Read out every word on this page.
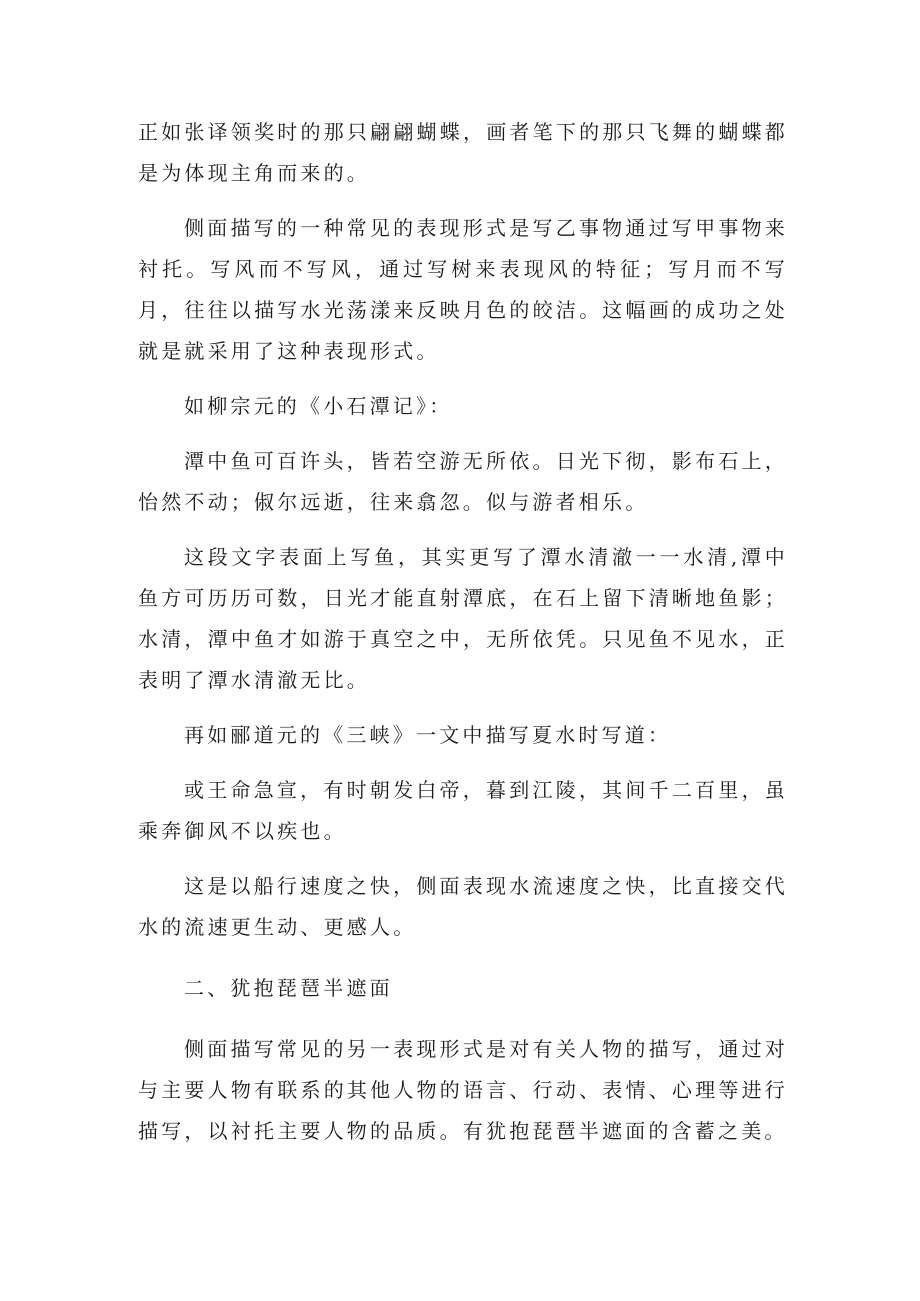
正如张译领奖时的那只翩翩蝴蝶，画者笔下的那只飞舞的蝴蝶都是为体现主角而来的。

侧面描写的一种常见的表现形式是写乙事物通过写甲事物来衬托。写风而不写风，通过写树来表现风的特征；写月而不写月，往往以描写水光荡漾来反映月色的皎洁。这幅画的成功之处就是就采用了这种表现形式。

如柳宗元的《小石潭记》：

潭中鱼可百许头，皆若空游无所依。日光下彻，影布石上，怡然不动；俶尔远逝，往来翕忽。似与游者相乐。

这段文字表面上写鱼，其实更写了潭水清澈一一水清,潭中鱼方可历历可数，日光才能直射潭底，在石上留下清晰地鱼影；水清，潭中鱼才如游于真空之中，无所依凭。只见鱼不见水，正表明了潭水清澈无比。

再如郦道元的《三峡》一文中描写夏水时写道：

或王命急宣，有时朝发白帝，暮到江陵，其间千二百里，虽乘奔御风不以疾也。

这是以船行速度之快，侧面表现水流速度之快，比直接交代水的流速更生动、更感人。

二、犹抱琵琶半遮面

侧面描写常见的另一表现形式是对有关人物的描写，通过对与主要人物有联系的其他人物的语言、行动、表情、心理等进行描写，以衬托主要人物的品质。有犹抱琵琶半遮面的含蓄之美。
